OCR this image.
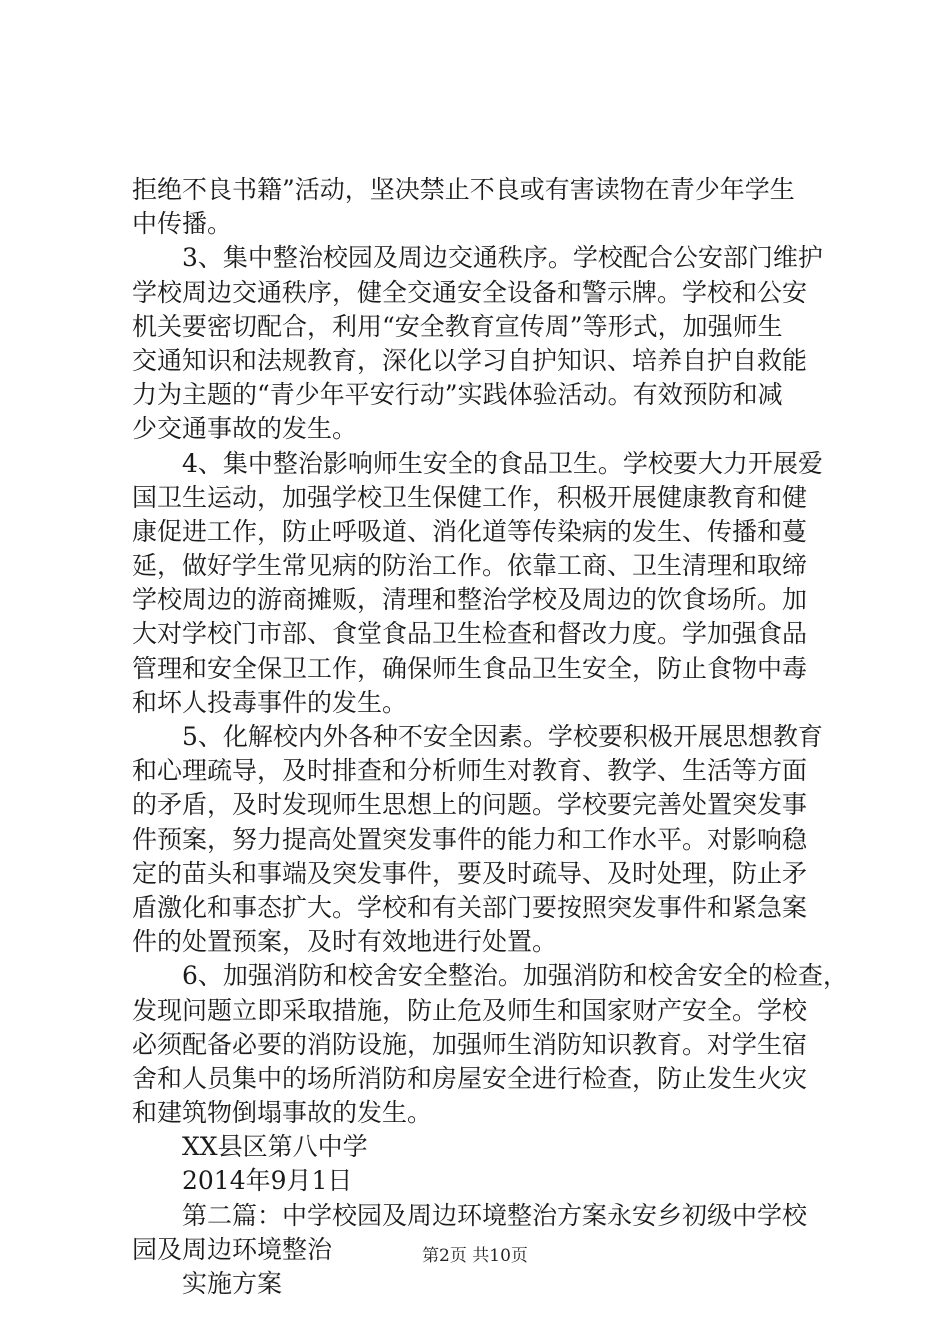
拒绝不良书籍”活动，坚决禁止不良或有害读物在青少年学生
中传播。
3、集中整治校园及周边交通秩序。学校配合公安部门维护
学校周边交通秩序，健全交通安全设备和警示牌。学校和公安
机关要密切配合，利用“安全教育宣传周”等形式，加强师生
交通知识和法规教育，深化以学习自护知识、培养自护自救能
力为主题的“青少年平安行动”实践体验活动。有效预防和减
少交通事故的发生。
4、集中整治影响师生安全的食品卫生。学校要大力开展爱
国卫生运动，加强学校卫生保健工作，积极开展健康教育和健
康促进工作，防止呼吸道、消化道等传染病的发生、传播和蔓
延，做好学生常见病的防治工作。依靠工商、卫生清理和取缔
学校周边的游商摊贩，清理和整治学校及周边的饮食场所。加
大对学校门市部、食堂食品卫生检查和督改力度。学加强食品
管理和安全保卫工作，确保师生食品卫生安全，防止食物中毒
和坏人投毒事件的发生。
5、化解校内外各种不安全因素。学校要积极开展思想教育
和心理疏导，及时排查和分析师生对教育、教学、生活等方面
的矛盾，及时发现师生思想上的问题。学校要完善处置突发事
件预案，努力提高处置突发事件的能力和工作水平。对影响稳
定的苗头和事端及突发事件，要及时疏导、及时处理，防止矛
盾激化和事态扩大。学校和有关部门要按照突发事件和紧急案
件的处置预案，及时有效地进行处置。
6、加强消防和校舍安全整治。加强消防和校舍安全的检查，
发现问题立即采取措施，防止危及师生和国家财产安全。学校
必须配备必要的消防设施，加强师生消防知识教育。对学生宿
舍和人员集中的场所消防和房屋安全进行检查，防止发生火灾
和建筑物倒塌事故的发生。
XX县区第八中学
2014年9月1日
第二篇：中学校园及周边环境整治方案永安乡初级中学校
园及周边环境整治
实施方案
第2页 共10页
